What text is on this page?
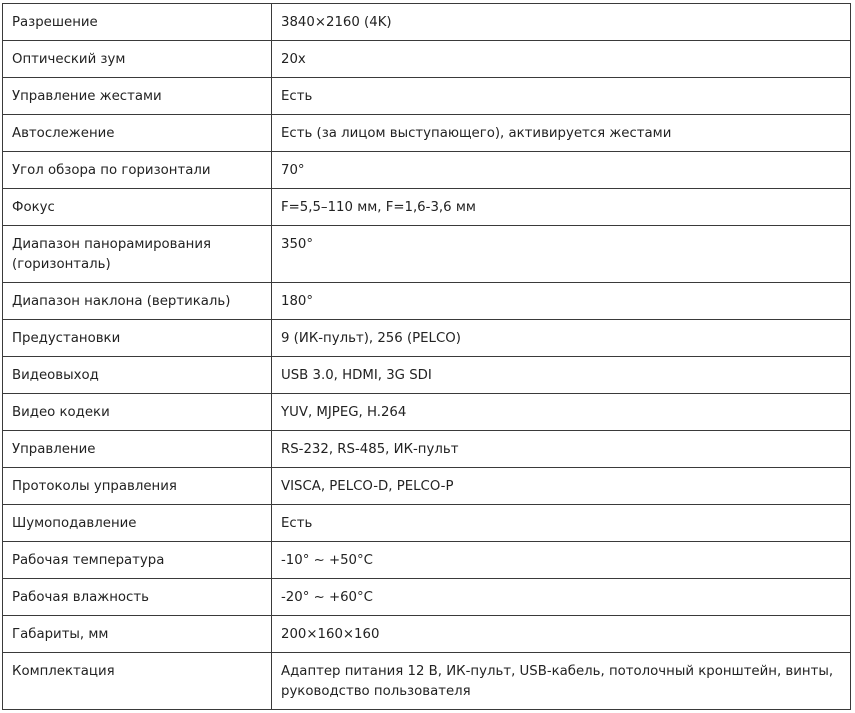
Разрешение	3840×2160 (4K)
Оптический зум	20x
Управление жестами	Есть
Автослежение	Есть (за лицом выступающего), активируется жестами
Угол обзора по горизонтали	70°
Фокус	F=5,5–110 мм, F=1,6-3,6 мм
Диапазон панорамирования (горизонталь)	350°
Диапазон наклона (вертикаль)	180°
Предустановки	9 (ИК-пульт), 256 (PELCO)
Видеовыход	USB 3.0, HDMI, 3G SDI
Видео кодеки	YUV, MJPEG, H.264
Управление	RS-232, RS-485, ИК-пульт
Протоколы управления	VISCA, PELCO-D, PELCO-P
Шумоподавление	Есть
Рабочая температура	-10° ~ +50°C
Рабочая влажность	-20° ~ +60°C
Габариты, мм	200×160×160
Комплектация	Адаптер питания 12 В, ИК-пульт, USB-кабель, потолочный кронштейн, винты, руководство пользователя
